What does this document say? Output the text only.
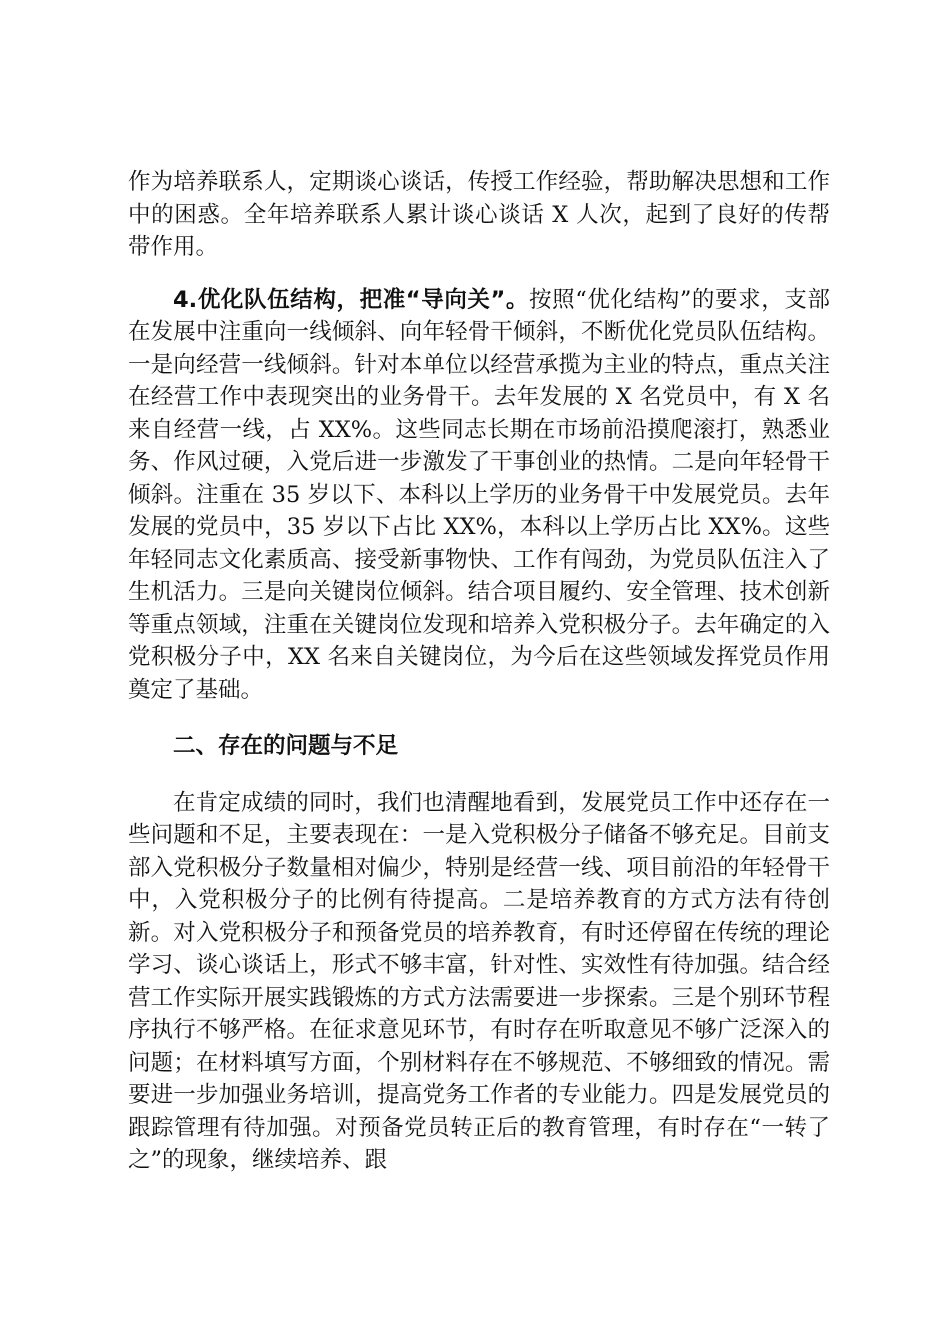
作为培养联系人，定期谈心谈话，传授工作经验，帮助解决思想和工作中的困惑。全年培养联系人累计谈心谈话 X 人次，起到了良好的传帮带作用。

4.优化队伍结构，把准“导向关”。按照“优化结构”的要求，支部在发展中注重向一线倾斜、向年轻骨干倾斜，不断优化党员队伍结构。一是向经营一线倾斜。针对本单位以经营承揽为主业的特点，重点关注在经营工作中表现突出的业务骨干。去年发展的 X 名党员中，有 X 名来自经营一线，占 XX%。这些同志长期在市场前沿摸爬滚打，熟悉业务、作风过硬，入党后进一步激发了干事创业的热情。二是向年轻骨干倾斜。注重在 35 岁以下、本科以上学历的业务骨干中发展党员。去年发展的党员中，35 岁以下占比 XX%，本科以上学历占比 XX%。这些年轻同志文化素质高、接受新事物快、工作有闯劲，为党员队伍注入了生机活力。三是向关键岗位倾斜。结合项目履约、安全管理、技术创新等重点领域，注重在关键岗位发现和培养入党积极分子。去年确定的入党积极分子中，XX 名来自关键岗位，为今后在这些领域发挥党员作用奠定了基础。

二、存在的问题与不足

在肯定成绩的同时，我们也清醒地看到，发展党员工作中还存在一些问题和不足，主要表现在：一是入党积极分子储备不够充足。目前支部入党积极分子数量相对偏少，特别是经营一线、项目前沿的年轻骨干中，入党积极分子的比例有待提高。二是培养教育的方式方法有待创新。对入党积极分子和预备党员的培养教育，有时还停留在传统的理论学习、谈心谈话上，形式不够丰富，针对性、实效性有待加强。结合经营工作实际开展实践锻炼的方式方法需要进一步探索。三是个别环节程序执行不够严格。在征求意见环节，有时存在听取意见不够广泛深入的问题；在材料填写方面，个别材料存在不够规范、不够细致的情况。需要进一步加强业务培训，提高党务工作者的专业能力。四是发展党员的跟踪管理有待加强。对预备党员转正后的教育管理，有时存在“一转了之”的现象，继续培养、跟
